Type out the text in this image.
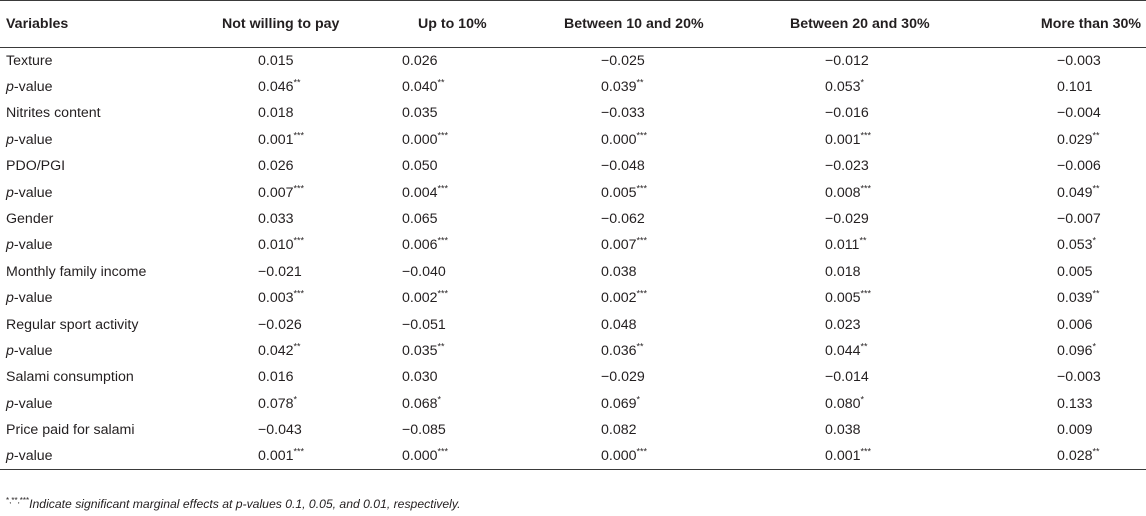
Variables	Not willing to pay	Up to 10%	Between 10 and 20%	Between 20 and 30%	More than 30%
Texture	0.015	0.026	−0.025	−0.012	−0.003
p-value	0.046**	0.040**	0.039**	0.053*	0.101
Nitrites content	0.018	0.035	−0.033	−0.016	−0.004
p-value	0.001***	0.000***	0.000***	0.001***	0.029**
PDO/PGI	0.026	0.050	−0.048	−0.023	−0.006
p-value	0.007***	0.004***	0.005***	0.008***	0.049**
Gender	0.033	0.065	−0.062	−0.029	−0.007
p-value	0.010***	0.006***	0.007***	0.011**	0.053*
Monthly family income	−0.021	−0.040	0.038	0.018	0.005
p-value	0.003***	0.002***	0.002***	0.005***	0.039**
Regular sport activity	−0.026	−0.051	0.048	0.023	0.006
p-value	0.042**	0.035**	0.036**	0.044**	0.096*
Salami consumption	0.016	0.030	−0.029	−0.014	−0.003
p-value	0.078*	0.068*	0.069*	0.080*	0.133
Price paid for salami	−0.043	−0.085	0.082	0.038	0.009
p-value	0.001***	0.000***	0.000***	0.001***	0.028**
*,**,***Indicate significant marginal effects at p-values 0.1, 0.05, and 0.01, respectively.
